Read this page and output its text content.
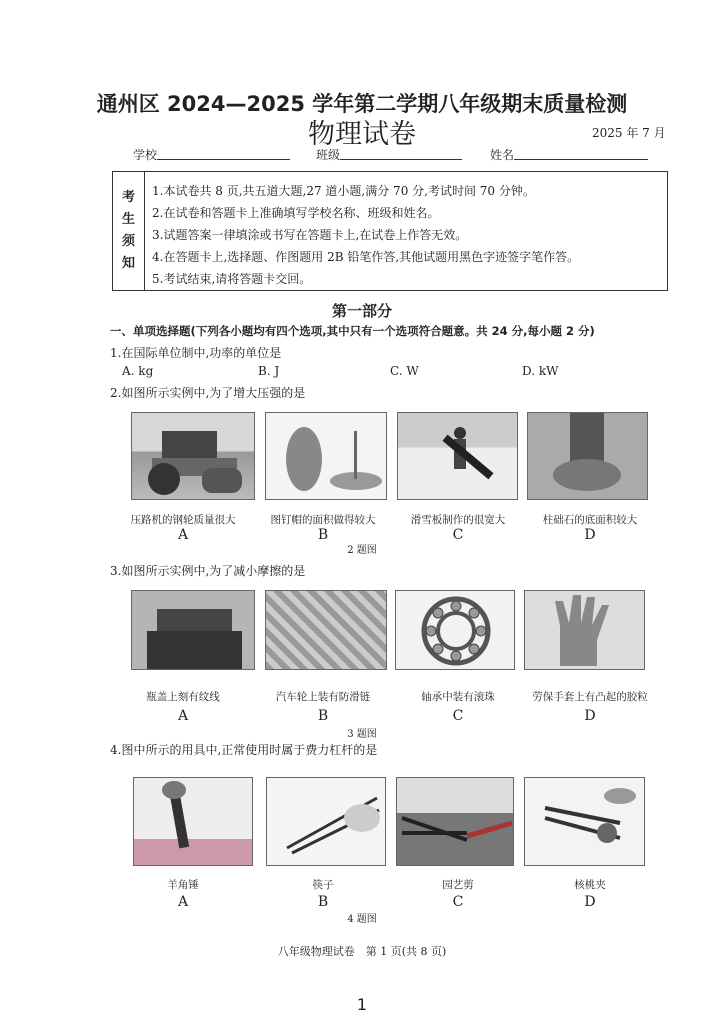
通州区 2024—2025 学年第二学期八年级期末质量检测
物理试卷	2025 年 7 月
学校	班级	姓名
考
生
须
知
1.本试卷共 8 页,共五道大题,27 道小题,满分 70 分,考试时间 70 分钟。
2.在试卷和答题卡上准确填写学校名称、班级和姓名。
3.试题答案一律填涂或书写在答题卡上,在试卷上作答无效。
4.在答题卡上,选择题、作图题用 2B 铅笔作答,其他试题用黑色字迹签字笔作答。
5.考试结束,请将答题卡交回。
第一部分
一、单项选择题(下列各小题均有四个选项,其中只有一个选项符合题意。共 24 分,每小题 2 分)
1.在国际单位制中,功率的单位是
A. kg	B. J	C. W	D. kW
2.如图所示实例中,为了增大压强的是
压路机的钢轮质量很大	图钉帽的面积做得较大	滑雪板制作的很宽大	柱础石的底面积较大
A	B	C	D
2 题图
3.如图所示实例中,为了减小摩擦的是
瓶盖上刻有纹线	汽车轮上装有防滑链	轴承中装有滚珠	劳保手套上有凸起的胶粒
A	B	C	D
3 题图
4.图中所示的用具中,正常使用时属于费力杠杆的是
羊角锤	筷子	园艺剪	核桃夹
A	B	C	D
4 题图
八年级物理试卷　第 1 页(共 8 页)
1
